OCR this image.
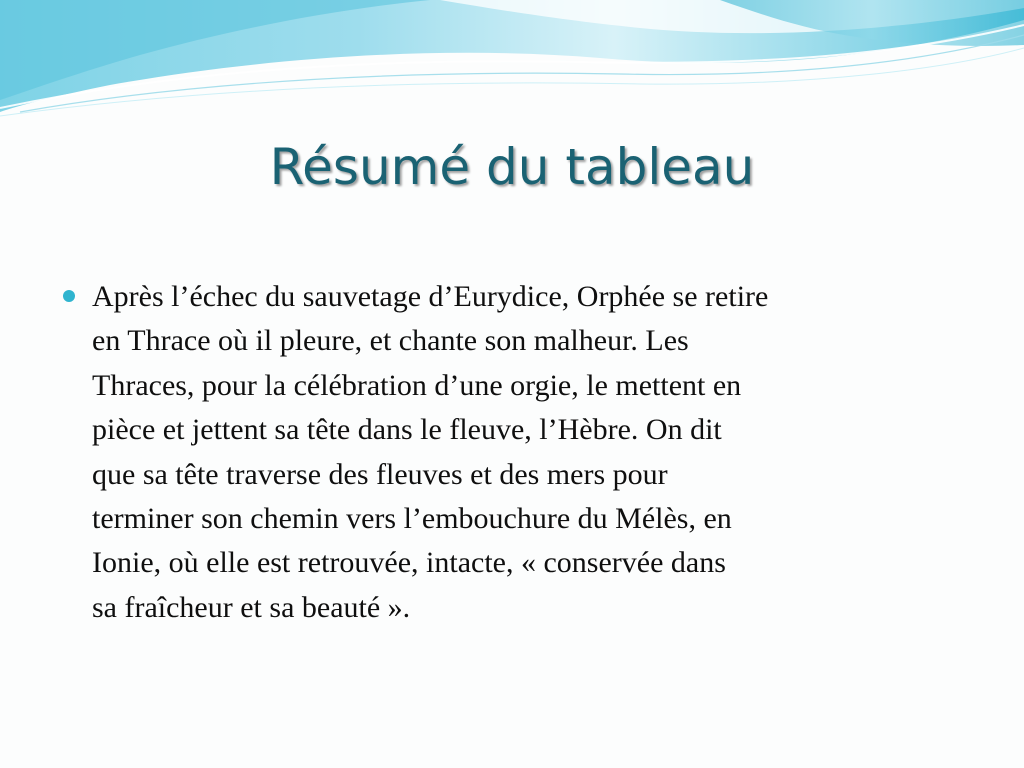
Résumé du tableau
Après l’échec du sauvetage d’Eurydice, Orphée se retire
en Thrace où il pleure, et chante son malheur. Les
Thraces, pour la célébration d’une orgie, le mettent en
pièce et jettent sa tête dans le fleuve, l’Hèbre. On dit
que sa tête traverse des fleuves et des mers pour
terminer son chemin vers l’embouchure du Mélès, en
Ionie, où elle est retrouvée, intacte, « conservée dans
sa fraîcheur et sa beauté ».
